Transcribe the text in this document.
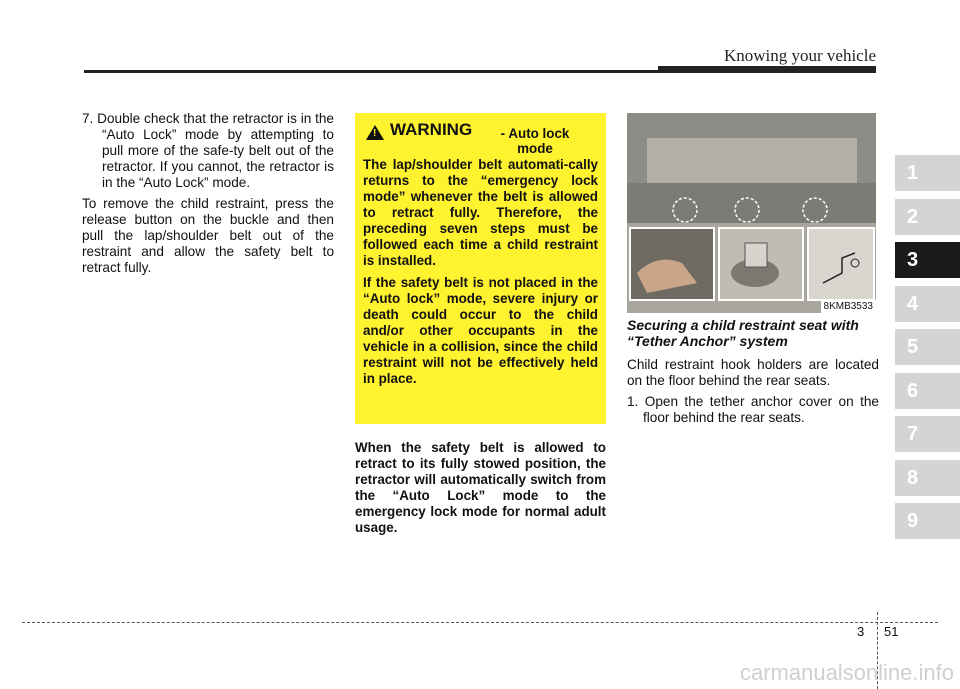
Knowing your vehicle

7. Double check that the retractor is in the “Auto Lock” mode by attempting to pull more of the safe-ty belt out of the retractor. If you cannot, the retractor is in the “Auto Lock” mode.

To remove the child restraint, press the release button on the buckle and then pull the lap/shoulder belt out of the restraint and allow the safety belt to retract fully.

! WARNING	- Auto lock mode

The lap/shoulder belt automati-cally returns to the “emergency lock mode” whenever the belt is allowed to retract fully. Therefore, the preceding seven steps must be followed each time a child restraint is installed.

If the safety belt is not placed in the “Auto lock” mode, severe injury or death could occur to the child and/or other occupants in the vehicle in a collision, since the child restraint will not be effectively held in place.

When the safety belt is allowed to retract to its fully stowed position, the retractor will automatically switch from the “Auto Lock” mode to the emergency lock mode for normal adult usage.
8KMB3533
Securing a child restraint seat with “Tether Anchor” system

Child restraint hook holders are located on the floor behind the rear seats.

1. Open the tether anchor cover on the floor behind the rear seats.

1
2
3
4
5
6
7
8
9
3 51
carmanualsonline.info
